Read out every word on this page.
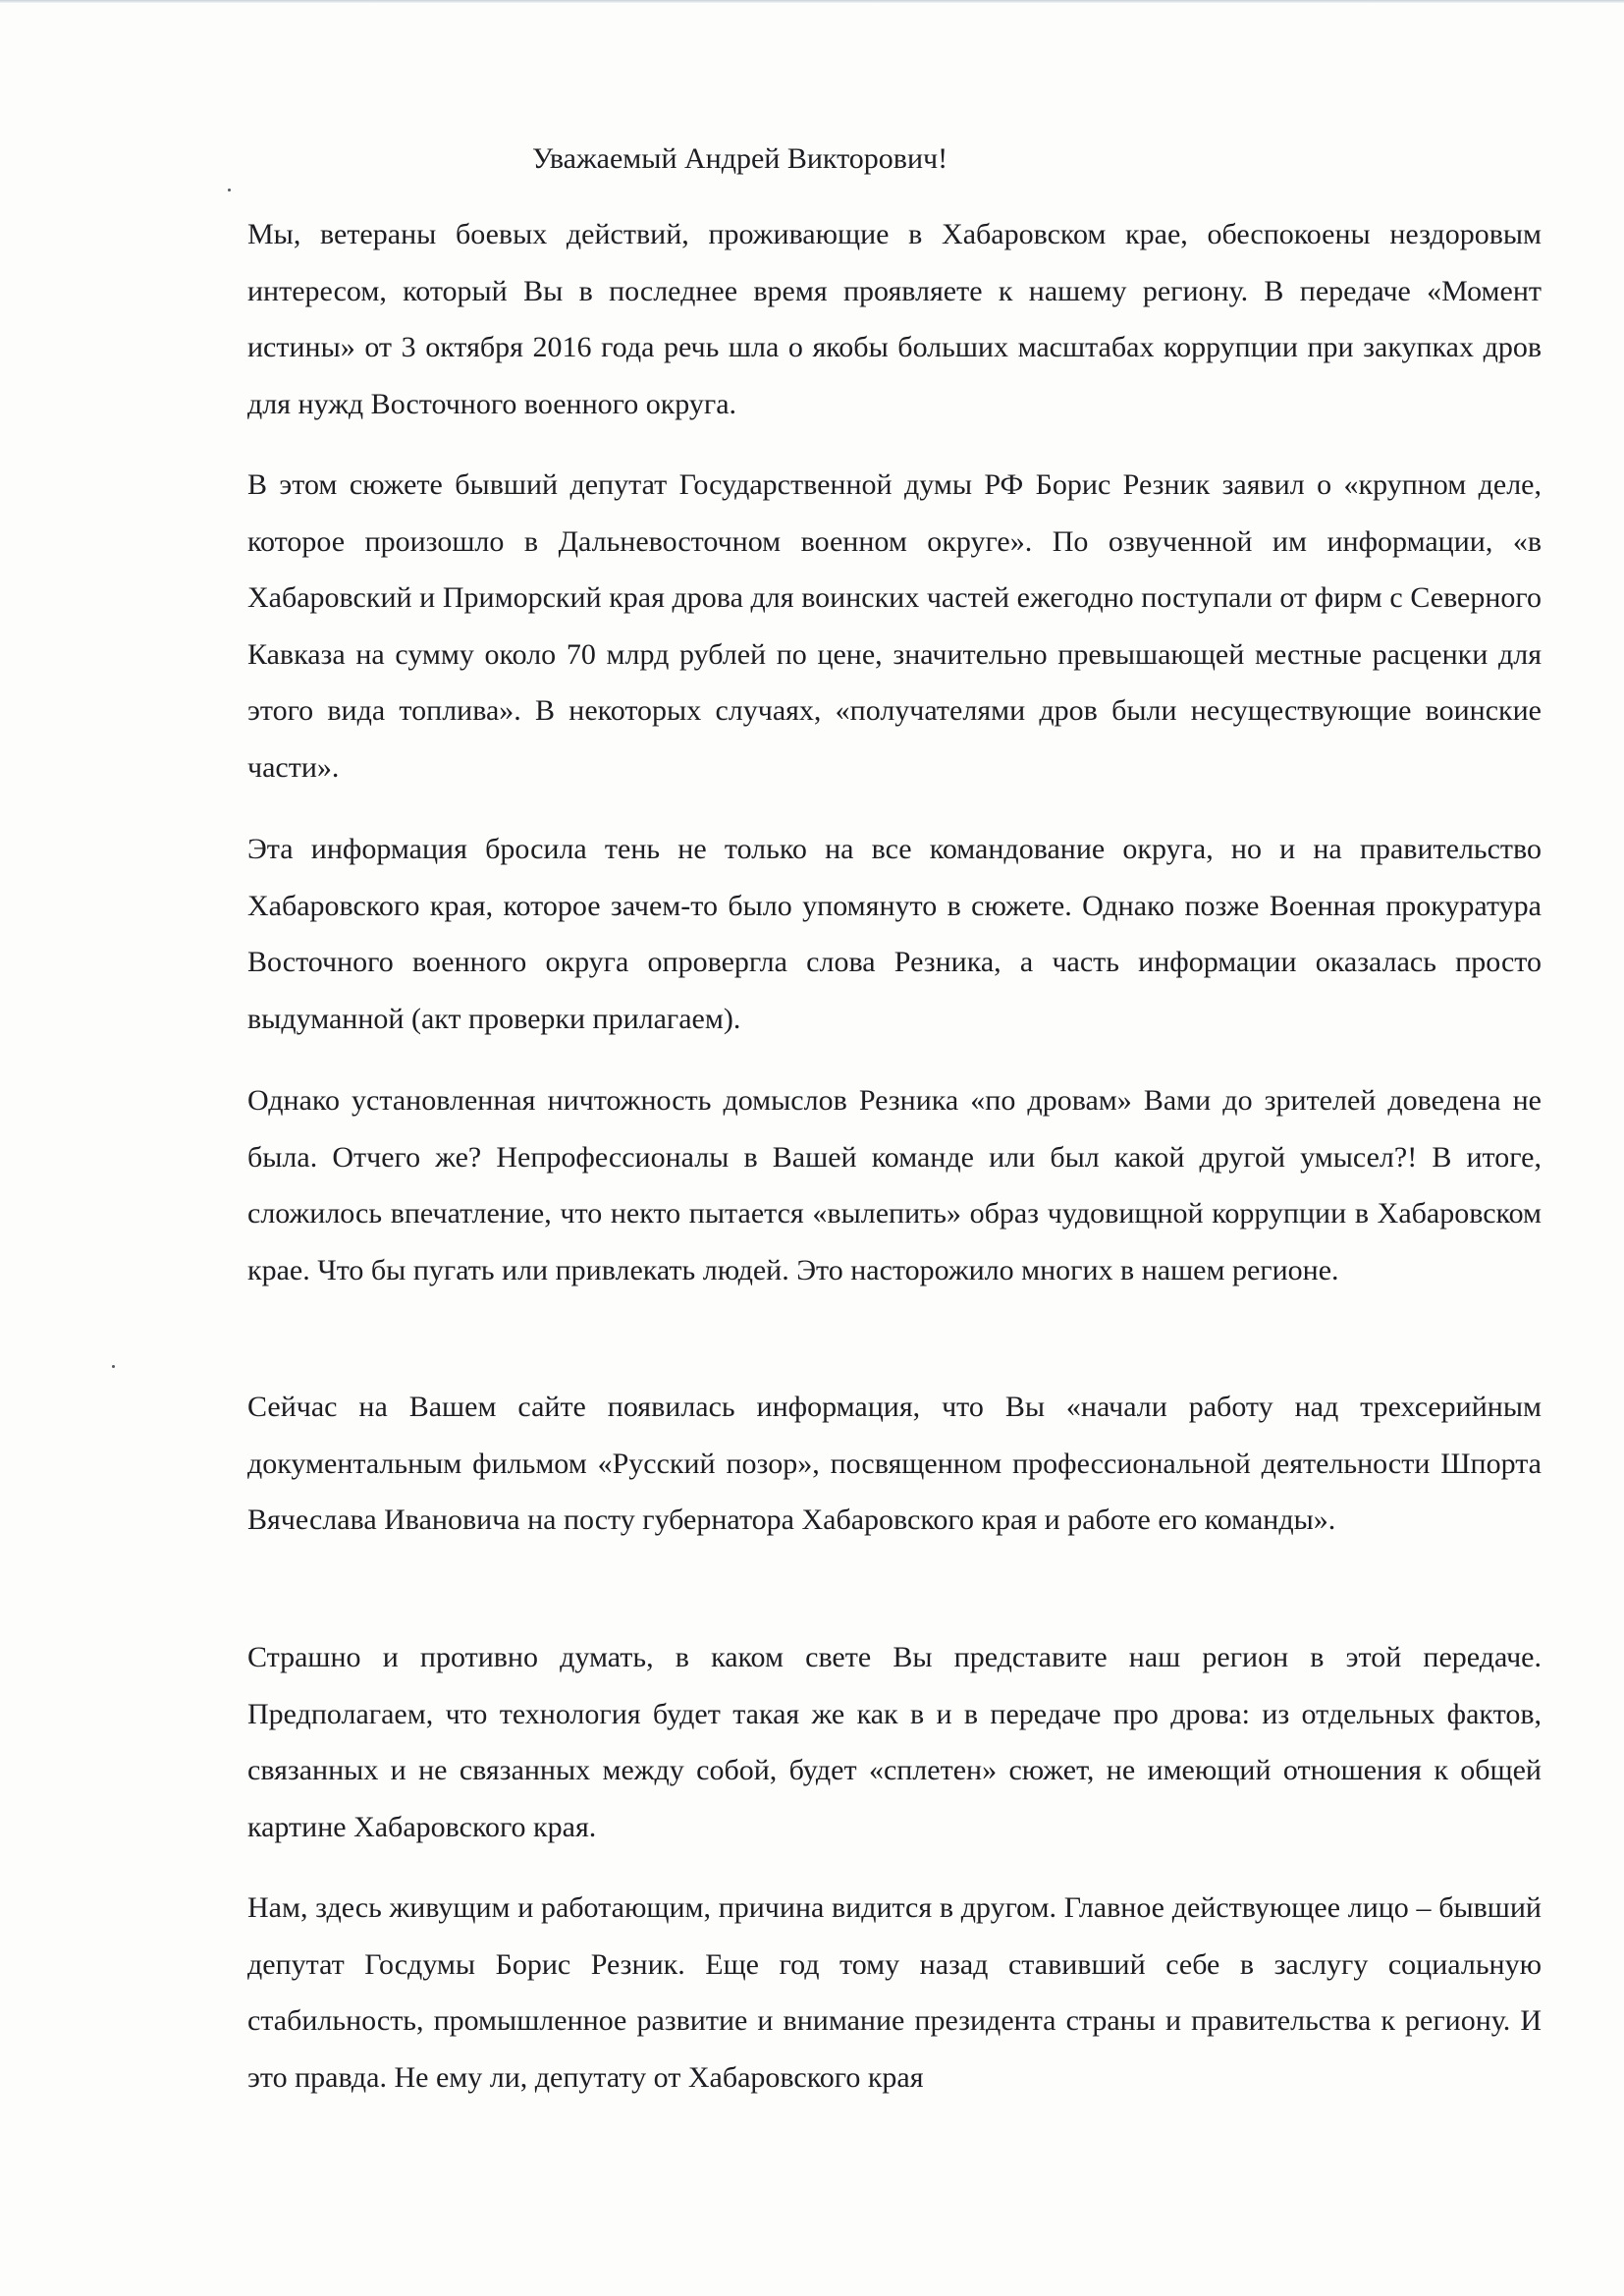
Уважаемый Андрей Викторович!

Мы, ветераны боевых действий, проживающие в Хабаровском крае, обеспокоены нездоровым интересом, который Вы в последнее время проявляете к нашему региону. В передаче «Момент истины» от 3 октября 2016 года речь шла о якобы больших масштабах коррупции при закупках дров для нужд Восточного военного округа.

В этом сюжете бывший депутат Государственной думы РФ Борис Резник заявил о «крупном деле, которое произошло в Дальневосточном военном округе». По озвученной им информации, «в Хабаровский и Приморский края дрова для воинских частей ежегодно поступали от фирм с Северного Кавказа на сумму около 70 млрд рублей по цене, значительно превышающей местные расценки для этого вида топлива». В некоторых случаях, «получателями дров были несуществующие воинские части».

Эта информация бросила тень не только на все командование округа, но и на правительство Хабаровского края, которое зачем-то было упомянуто в сюжете. Однако позже Военная прокуратура Восточного военного округа опровергла слова Резника, а часть информации оказалась просто выдуманной (акт проверки прилагаем).

Однако установленная ничтожность домыслов Резника «по дровам» Вами до зрителей доведена не была. Отчего же? Непрофессионалы в Вашей команде или был какой другой умысел?! В итоге, сложилось впечатление, что некто пытается «вылепить» образ чудовищной коррупции в Хабаровском крае. Что бы пугать или привлекать людей. Это насторожило многих в нашем регионе.

Сейчас на Вашем сайте появилась информация, что Вы «начали работу над трехсерийным документальным фильмом «Русский позор», посвященном профессиональной деятельности Шпорта Вячеслава Ивановича на посту губернатора Хабаровского края и работе его команды».

Страшно и противно думать, в каком свете Вы представите наш регион в этой передаче. Предполагаем, что технология будет такая же как в и в передаче про дрова: из отдельных фактов, связанных и не связанных между собой, будет «сплетен» сюжет, не имеющий отношения к общей картине Хабаровского края.

Нам, здесь живущим и работающим, причина видится в другом. Главное действующее лицо – бывший депутат Госдумы Борис Резник. Еще год тому назад ставивший себе в заслугу социальную стабильность, промышленное развитие и внимание президента страны и правительства к региону. И это правда. Не ему ли, депутату от Хабаровского края
